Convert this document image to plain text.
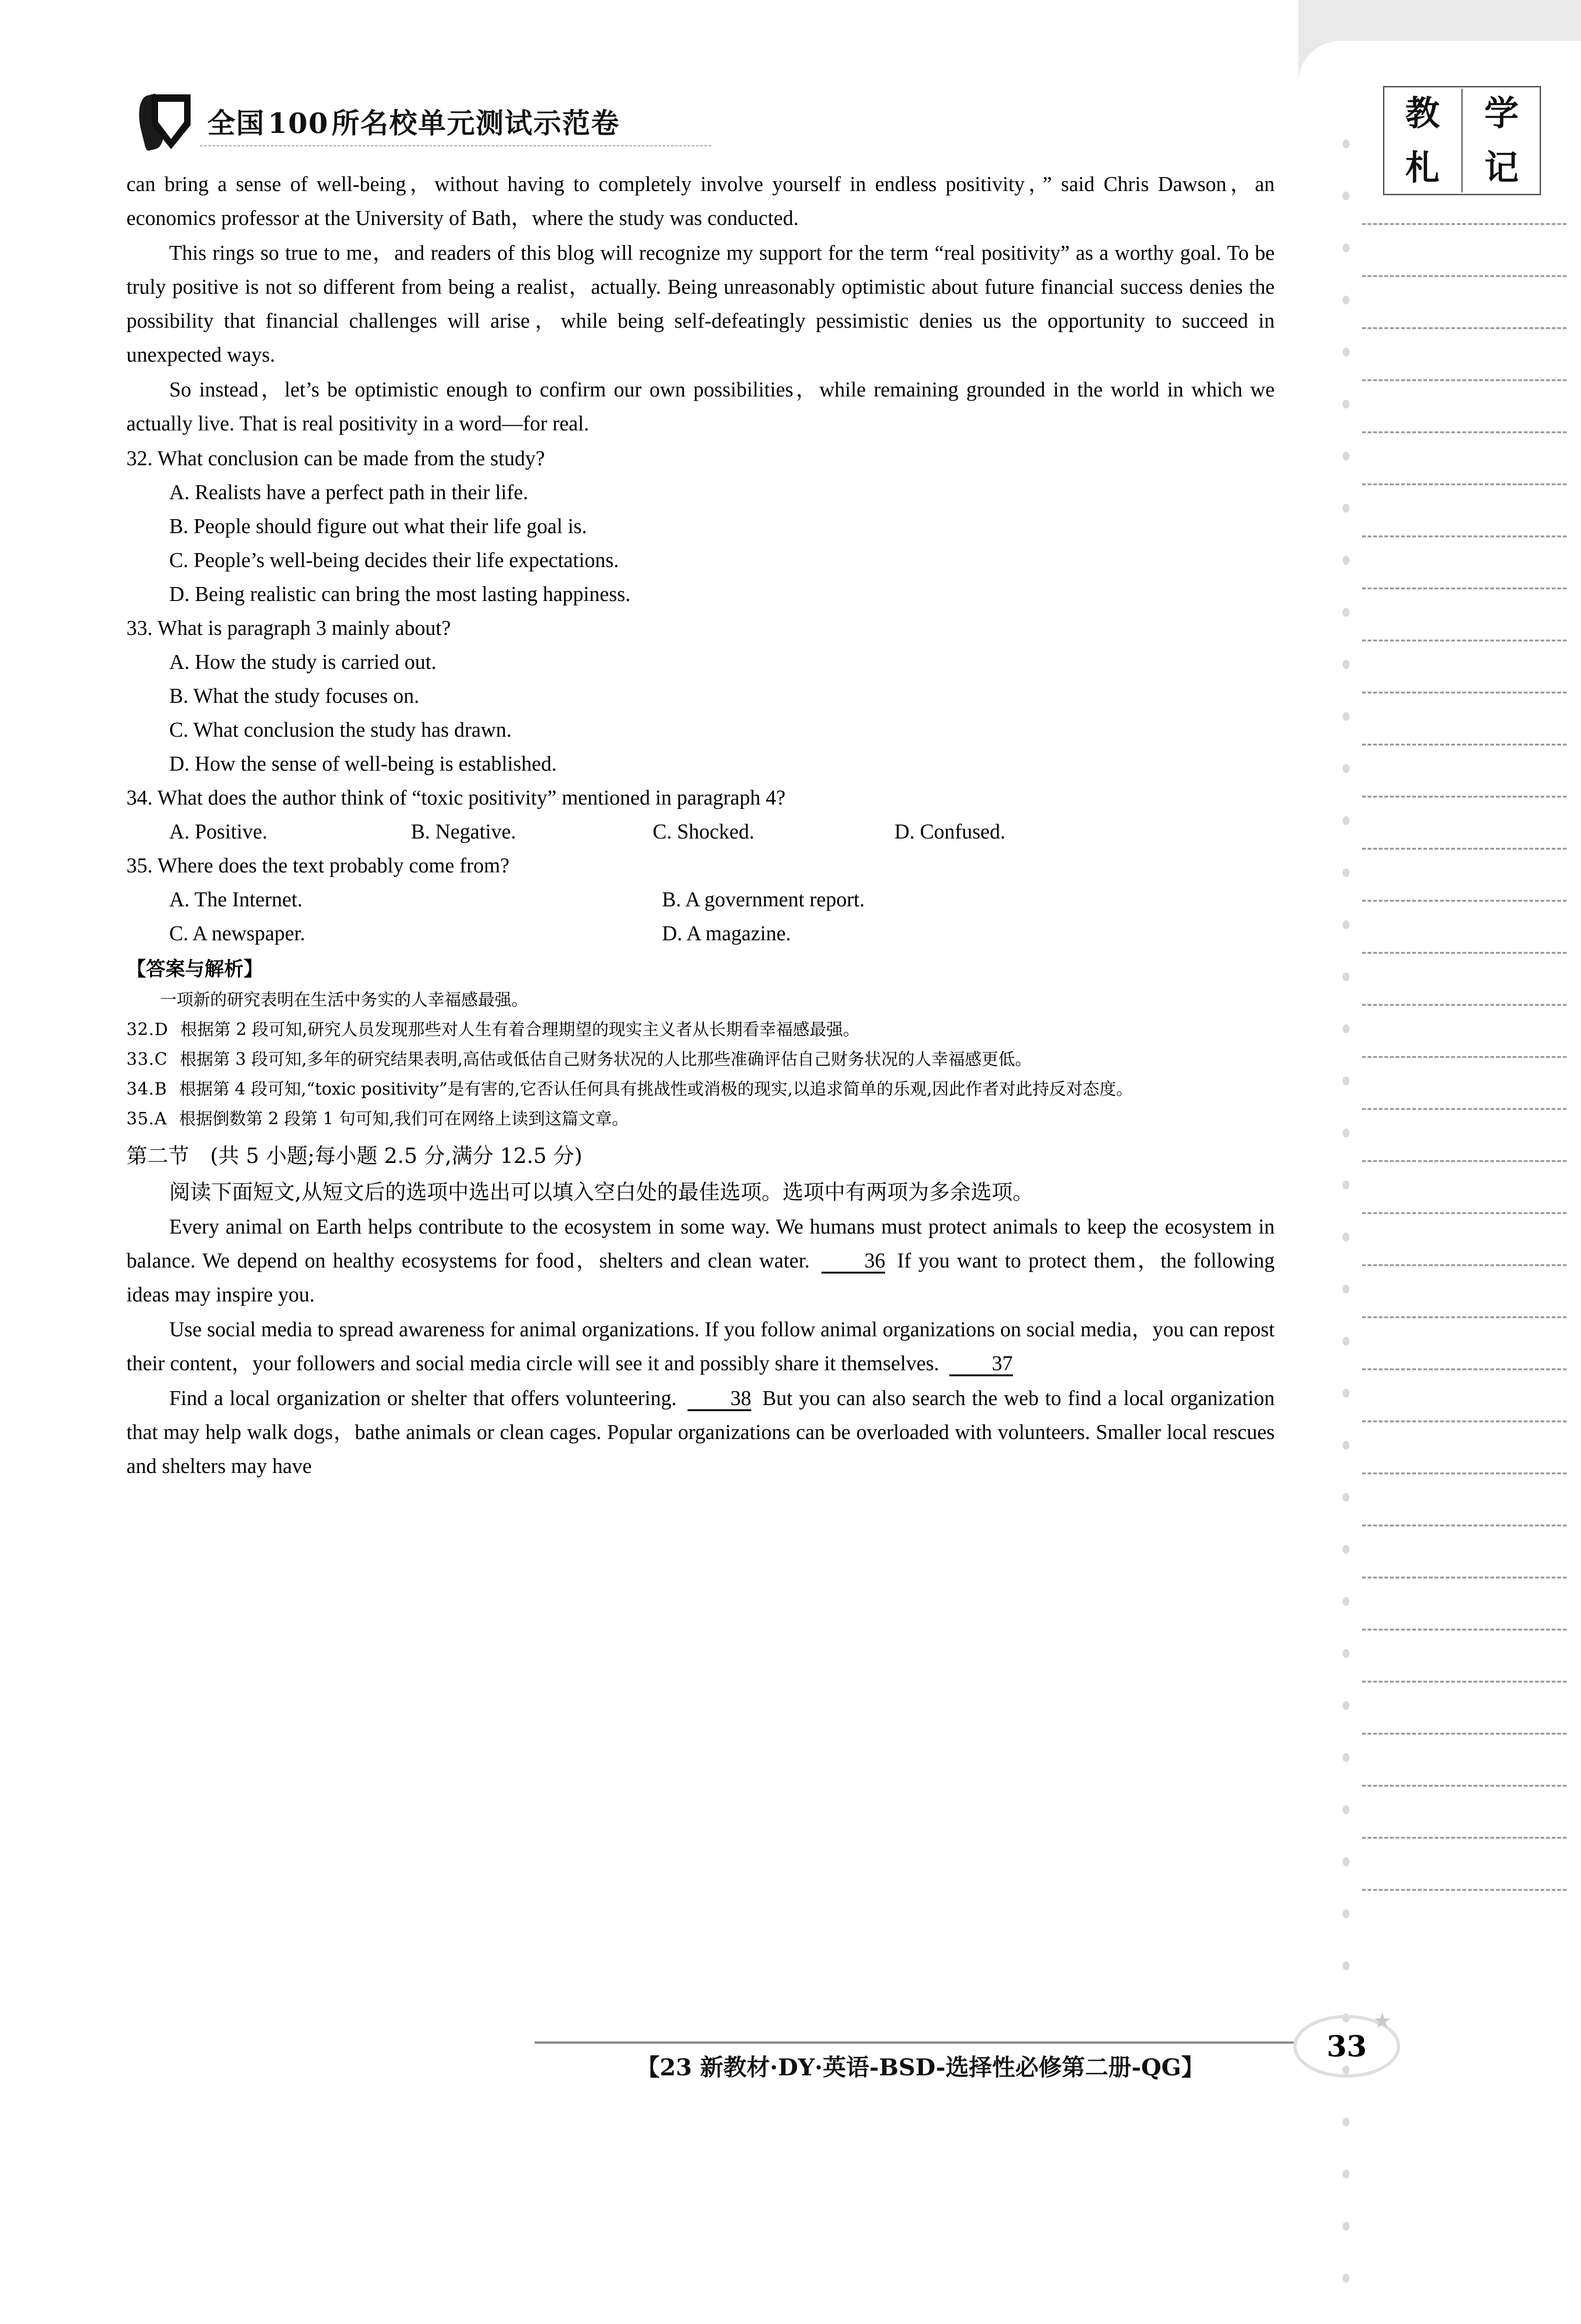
教 学
札 记
全国 100 所名校单元测试示范卷

can bring a sense of well-being，without having to completely involve yourself in endless positivity，” said Chris Dawson，an economics professor at the University of Bath，where the study was conducted.

This rings so true to me，and readers of this blog will recognize my support for the term “real positivity” as a worthy goal. To be truly positive is not so different from being a realist，actually. Being unreasonably optimistic about future financial success denies the possibility that financial challenges will arise，while being self-defeatingly pessimistic denies us the opportunity to succeed in unexpected ways.

So instead，let’s be optimistic enough to confirm our own possibilities，while remaining grounded in the world in which we actually live. That is real positivity in a word—for real.

32. What conclusion can be made from the study?

A. Realists have a perfect path in their life.

B. People should figure out what their life goal is.

C. People’s well-being decides their life expectations.

D. Being realistic can bring the most lasting happiness.

33. What is paragraph 3 mainly about?

A. How the study is carried out.

B. What the study focuses on.

C. What conclusion the study has drawn.

D. How the sense of well-being is established.

34. What does the author think of “toxic positivity” mentioned in paragraph 4?

A. Positive.	B. Negative.	C. Shocked.	D. Confused.

35. Where does the text probably come from?

A. The Internet.	B. A government report.
C. A newspaper.	D. A magazine.
【答案与解析】
一项新的研究表明在生活中务实的人幸福感最强。

32.D 根据第 2 段可知,研究人员发现那些对人生有着合理期望的现实主义者从长期看幸福感最强。

33.C 根据第 3 段可知,多年的研究结果表明,高估或低估自己财务状况的人比那些准确评估自己财务状况的人幸福感更低。

34.B 根据第 4 段可知,“toxic positivity”是有害的,它否认任何具有挑战性或消极的现实,以追求简单的乐观,因此作者对此持反对态度。

35.A 根据倒数第 2 段第 1 句可知,我们可在网络上读到这篇文章。

第二节　(共 5 小题;每小题 2.5 分,满分 12.5 分)
阅读下面短文,从短文后的选项中选出可以填入空白处的最佳选项。选项中有两项为多余选项。

Every animal on Earth helps contribute to the ecosystem in some way. We humans must protect animals to keep the ecosystem in balance. We depend on healthy ecosystems for food，shelters and clean water. 36 If you want to protect them，the following ideas may inspire you.

Use social media to spread awareness for animal organizations. If you follow animal organizations on social media，you can repost their content，your followers and social media circle will see it and possibly share it themselves. 37

Find a local organization or shelter that offers volunteering. 38 But you can also search the web to find a local organization that may help walk dogs，bathe animals or clean cages. Popular organizations can be overloaded with volunteers. Smaller local rescues and shelters may have

【23 新教材·DY·英语-BSD-选择性必修第二册-QG】
33
★
